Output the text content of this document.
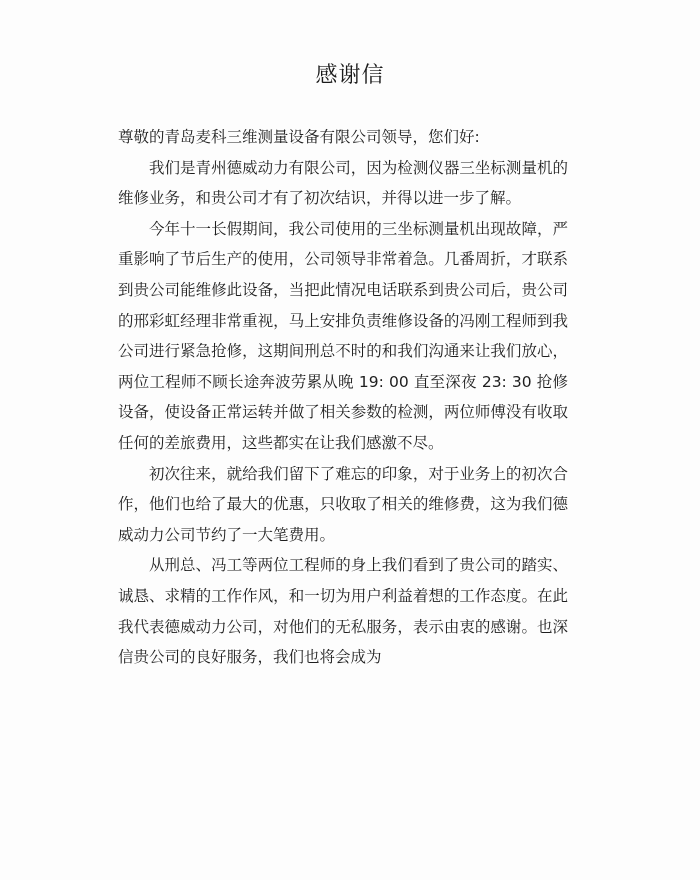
感谢信

尊敬的青岛麦科三维测量设备有限公司领导，您们好:

我们是青州德威动力有限公司，因为检测仪器三坐标测量机的维修业务，和贵公司才有了初次结识，并得以进一步了解。

今年十一长假期间，我公司使用的三坐标测量机出现故障，严重影响了节后生产的使用，公司领导非常着急。几番周折，才联系到贵公司能维修此设备，当把此情况电话联系到贵公司后，贵公司的邢彩虹经理非常重视，马上安排负责维修设备的冯刚工程师到我公司进行紧急抢修，这期间刑总不时的和我们沟通来让我们放心，两位工程师不顾长途奔波劳累从晚 19: 00 直至深夜 23: 30 抢修设备，使设备正常运转并做了相关参数的检测，两位师傅没有收取任何的差旅费用，这些都实在让我们感激不尽。

初次往来，就给我们留下了难忘的印象，对于业务上的初次合作，他们也给了最大的优惠，只收取了相关的维修费，这为我们德威动力公司节约了一大笔费用。

从刑总、冯工等两位工程师的身上我们看到了贵公司的踏实、诚恳、求精的工作作风，和一切为用户利益着想的工作态度。在此我代表德威动力公司，对他们的无私服务，表示由衷的感谢。也深信贵公司的良好服务，我们也将会成为
